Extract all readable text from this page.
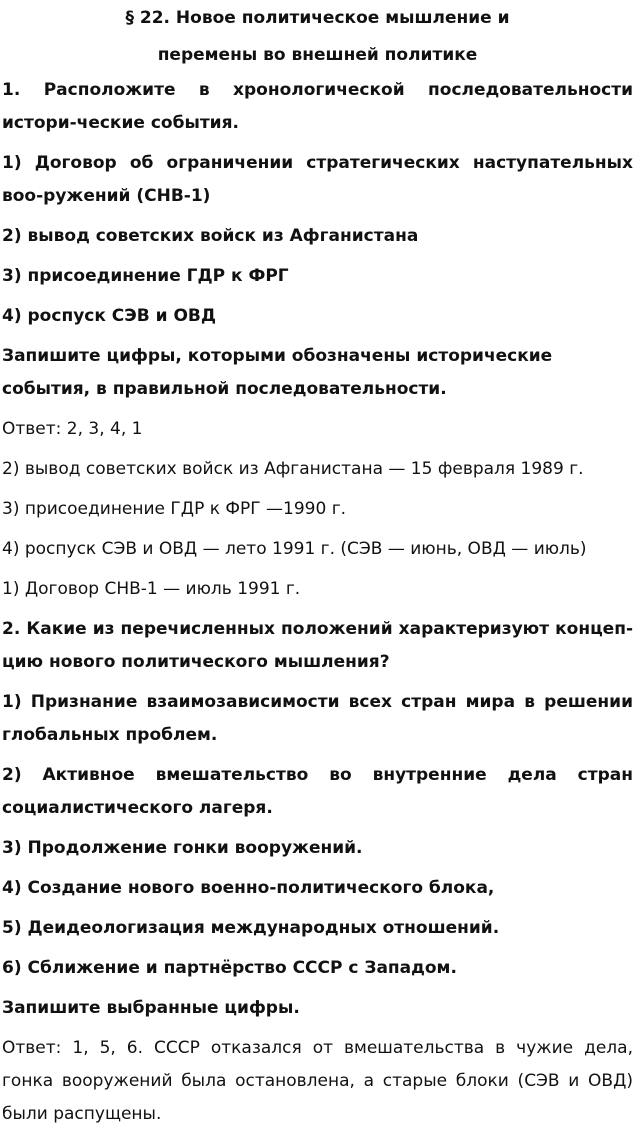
§ 22. Новое политическое мышление и
перемены во внешней политике

1. Расположите в хронологической последовательности истори-ческие события.

1) Договор об ограничении стратегических наступательных воо-ружений (СНВ-1)

2) вывод советских войск из Афганистана

3) присоединение ГДР к ФРГ

4) роспуск СЭВ и ОВД

Запишите цифры, которыми обозначены исторические события, в правильной последовательности.

Ответ: 2, 3, 4, 1

2) вывод советских войск из Афганистана — 15 февраля 1989 г.

3) присоединение ГДР к ФРГ —1990 г.

4) роспуск СЭВ и ОВД — лето 1991 г. (СЭВ — июнь, ОВД — июль)

1) Договор СНВ-1 — июль 1991 г.

2. Какие из перечисленных положений характеризуют концеп-цию нового политического мышления?

1) Признание взаимозависимости всех стран мира в решении глобальных проблем.

2) Активное вмешательство во внутренние дела стран социалистического лагеря.

3) Продолжение гонки вооружений.

4) Создание нового военно-политического блока,

5) Деидеологизация международных отношений.

6) Сближение и партнёрство СССР с Западом.

Запишите выбранные цифры.

Ответ: 1, 5, 6. СССР отказался от вмешательства в чужие дела, гонка вооружений была остановлена, а старые блоки (СЭВ и ОВД) были распущены.
